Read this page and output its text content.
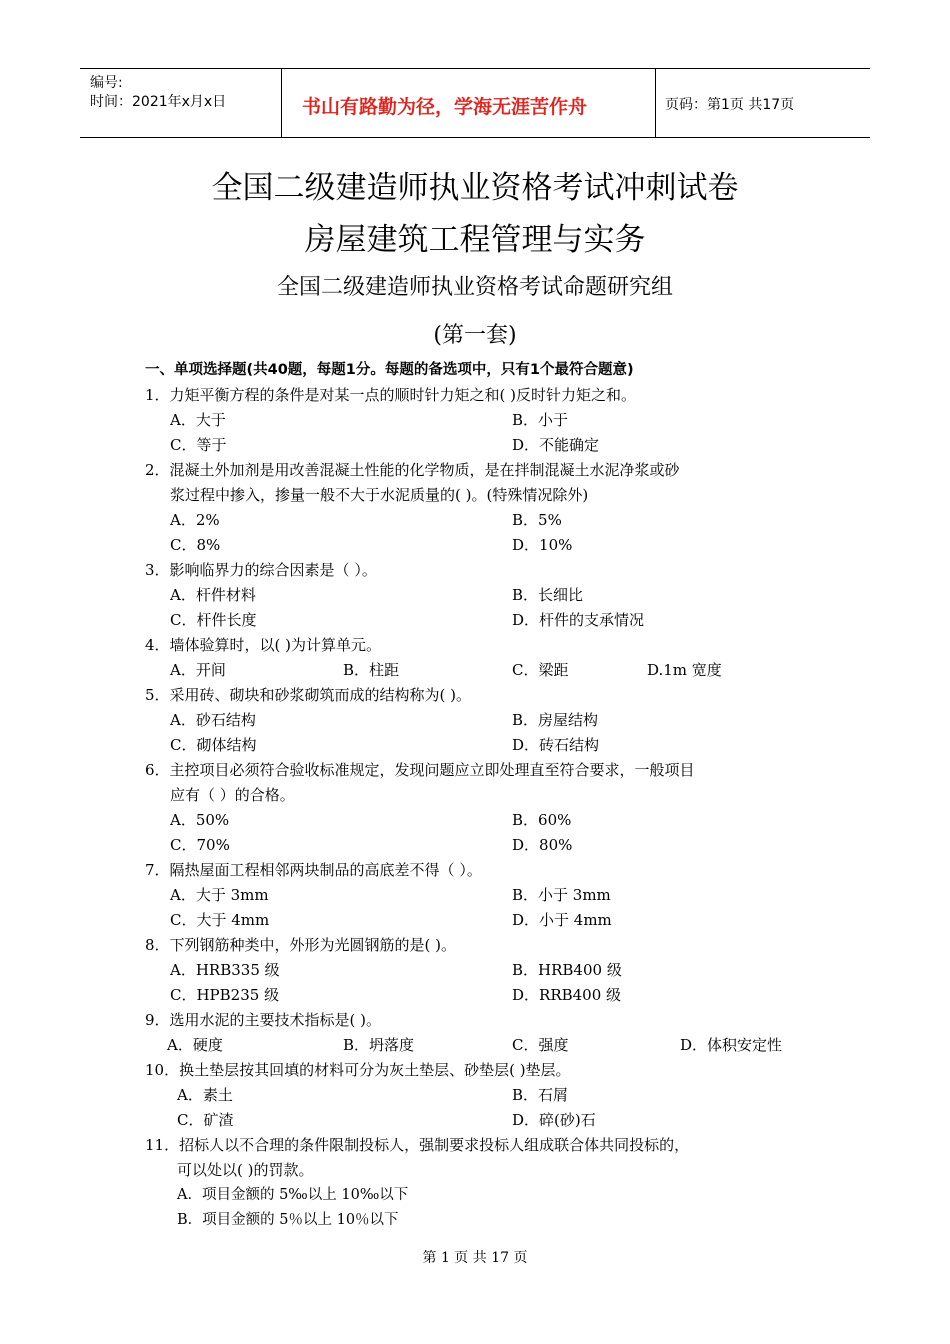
编号:
时间：2021年x月x日	书山有路勤为径，学海无涯苦作舟	页码：第1页 共17页
全国二级建造师执业资格考试冲刺试卷
房屋建筑工程管理与实务
全国二级建造师执业资格考试命题研究组
(第一套)
一、单项选择题(共40题，每题1分。每题的备选项中，只有1个最符合题意)
1．力矩平衡方程的条件是对某一点的顺时针力矩之和( )反时针力矩之和。
A．大于	B．小于
C．等于	D．不能确定
2．混凝土外加剂是用改善混凝土性能的化学物质，是在拌制混凝土水泥净浆或砂
浆过程中掺入，掺量一般不大于水泥质量的( )。(特殊情况除外)
A．2%	B．5%
C．8%	D．10%
3．影响临界力的综合因素是（ ）。
A．杆件材料	B．长细比
C．杆件长度	D．杆件的支承情况
4．墙体验算时，以( )为计算单元。
A．开间	B．柱距	C．梁距	D.1m 宽度
5．采用砖、砌块和砂浆砌筑而成的结构称为( )。
A．砂石结构	B．房屋结构
C．砌体结构	D．砖石结构
6．主控项目必须符合验收标准规定，发现问题应立即处理直至符合要求，一般项目
应有（ ）的合格。
A．50%	B．60%
C．70%	D．80%
7．隔热屋面工程相邻两块制品的高底差不得（ ）。
A．大于 3mm	B．小于 3mm
C．大于 4mm	D．小于 4mm
8．下列钢筋种类中，外形为光圆钢筋的是( )。
A．HRB335 级	B．HRB400 级
C．HPB235 级	D．RRB400 级
9．选用水泥的主要技术指标是( )。
A．硬度	B．坍落度	C．强度	D．体积安定性
10．换土垫层按其回填的材料可分为灰土垫层、砂垫层( )垫层。
A．素土	B．石屑
C．矿渣	D．碎(砂)石
11．招标人以不合理的条件限制投标人，强制要求投标人组成联合体共同投标的，
可以处以( )的罚款。
A．项目金额的 5‰以上 10‰以下
B．项目金额的 5％以上 10％以下
第 1 页 共 17 页
